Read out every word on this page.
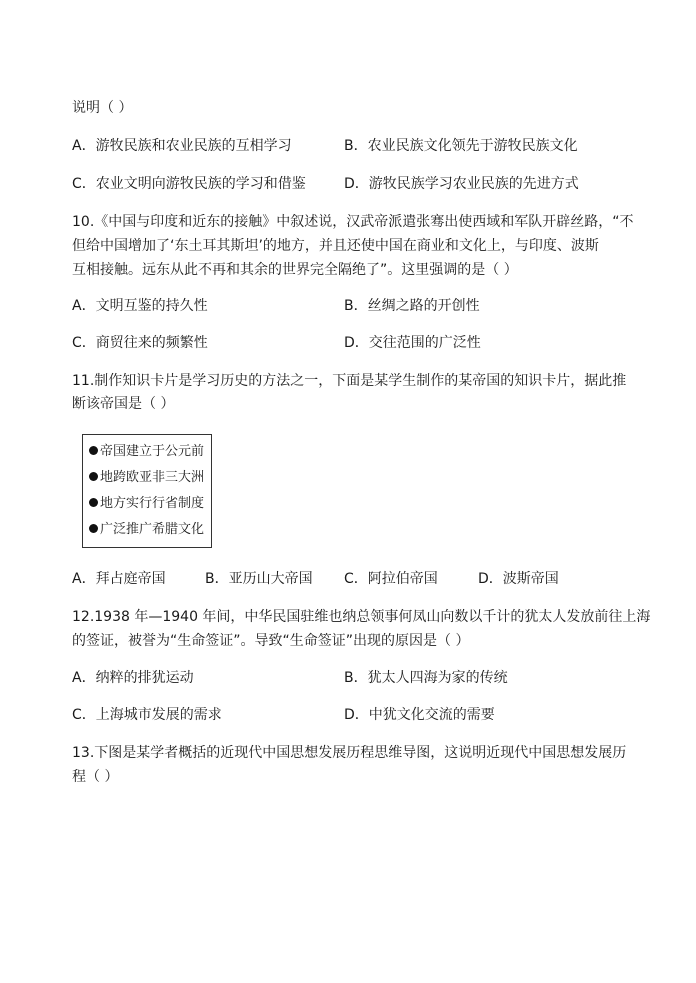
说明（ ）
A．游牧民族和农业民族的互相学习	B．农业民族文化领先于游牧民族文化
C．农业文明向游牧民族的学习和借鉴	D．游牧民族学习农业民族的先进方式
10.《中国与印度和近东的接触》中叙述说，汉武帝派遣张骞出使西域和军队开辟丝路，“不
但给中国增加了‘东土耳其斯坦’的地方，并且还使中国在商业和文化上，与印度、波斯
互相接触。远东从此不再和其余的世界完全隔绝了”。这里强调的是（ ）
A．文明互鉴的持久性	B．丝绸之路的开创性
C．商贸往来的频繁性	D．交往范围的广泛性
11.制作知识卡片是学习历史的方法之一，下面是某学生制作的某帝国的知识卡片，据此推
断该帝国是（ ）
帝国建立于公元前
地跨欧亚非三大洲
地方实行行省制度
广泛推广希腊文化
A．拜占庭帝国	B．亚历山大帝国 C．阿拉伯帝国	D．波斯帝国
12.1938 年—1940 年间，中华民国驻维也纳总领事何凤山向数以千计的犹太人发放前往上海
的签证，被誉为“生命签证”。导致“生命签证”出现的原因是（ ）
A．纳粹的排犹运动	B．犹太人四海为家的传统
C．上海城市发展的需求	D．中犹文化交流的需要
13.下图是某学者概括的近现代中国思想发展历程思维导图，这说明近现代中国思想发展历
程（ ）
